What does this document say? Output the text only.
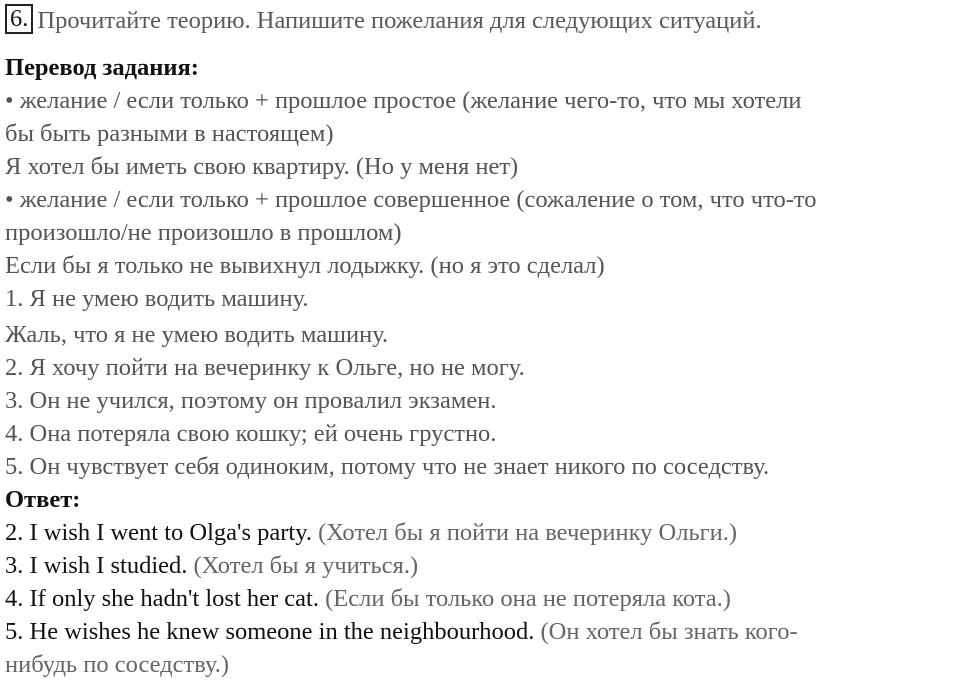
6. Прочитайте теорию. Напишите пожелания для следующих ситуаций.
Перевод задания:
• желание / если только + прошлое простое (желание чего-то, что мы хотели
бы быть разными в настоящем)
Я хотел бы иметь свою квартиру. (Но у меня нет)
• желание / если только + прошлое совершенное (сожаление о том, что что-то
произошло/не произошло в прошлом)
Если бы я только не вывихнул лодыжку. (но я это сделал)
1. Я не умею водить машину.
Жаль, что я не умею водить машину.
2. Я хочу пойти на вечеринку к Ольге, но не могу.
3. Он не учился, поэтому он провалил экзамен.
4. Она потеряла свою кошку; ей очень грустно.
5. Он чувствует себя одиноким, потому что не знает никого по соседству.
Ответ:
2. I wish I went to Olga's party. (Хотел бы я пойти на вечеринку Ольги.)
3. I wish I studied. (Хотел бы я учиться.)
4. If only she hadn't lost her cat. (Если бы только она не потеряла кота.)
5. He wishes he knew someone in the neighbourhood. (Он хотел бы знать кого-
нибудь по соседству.)
